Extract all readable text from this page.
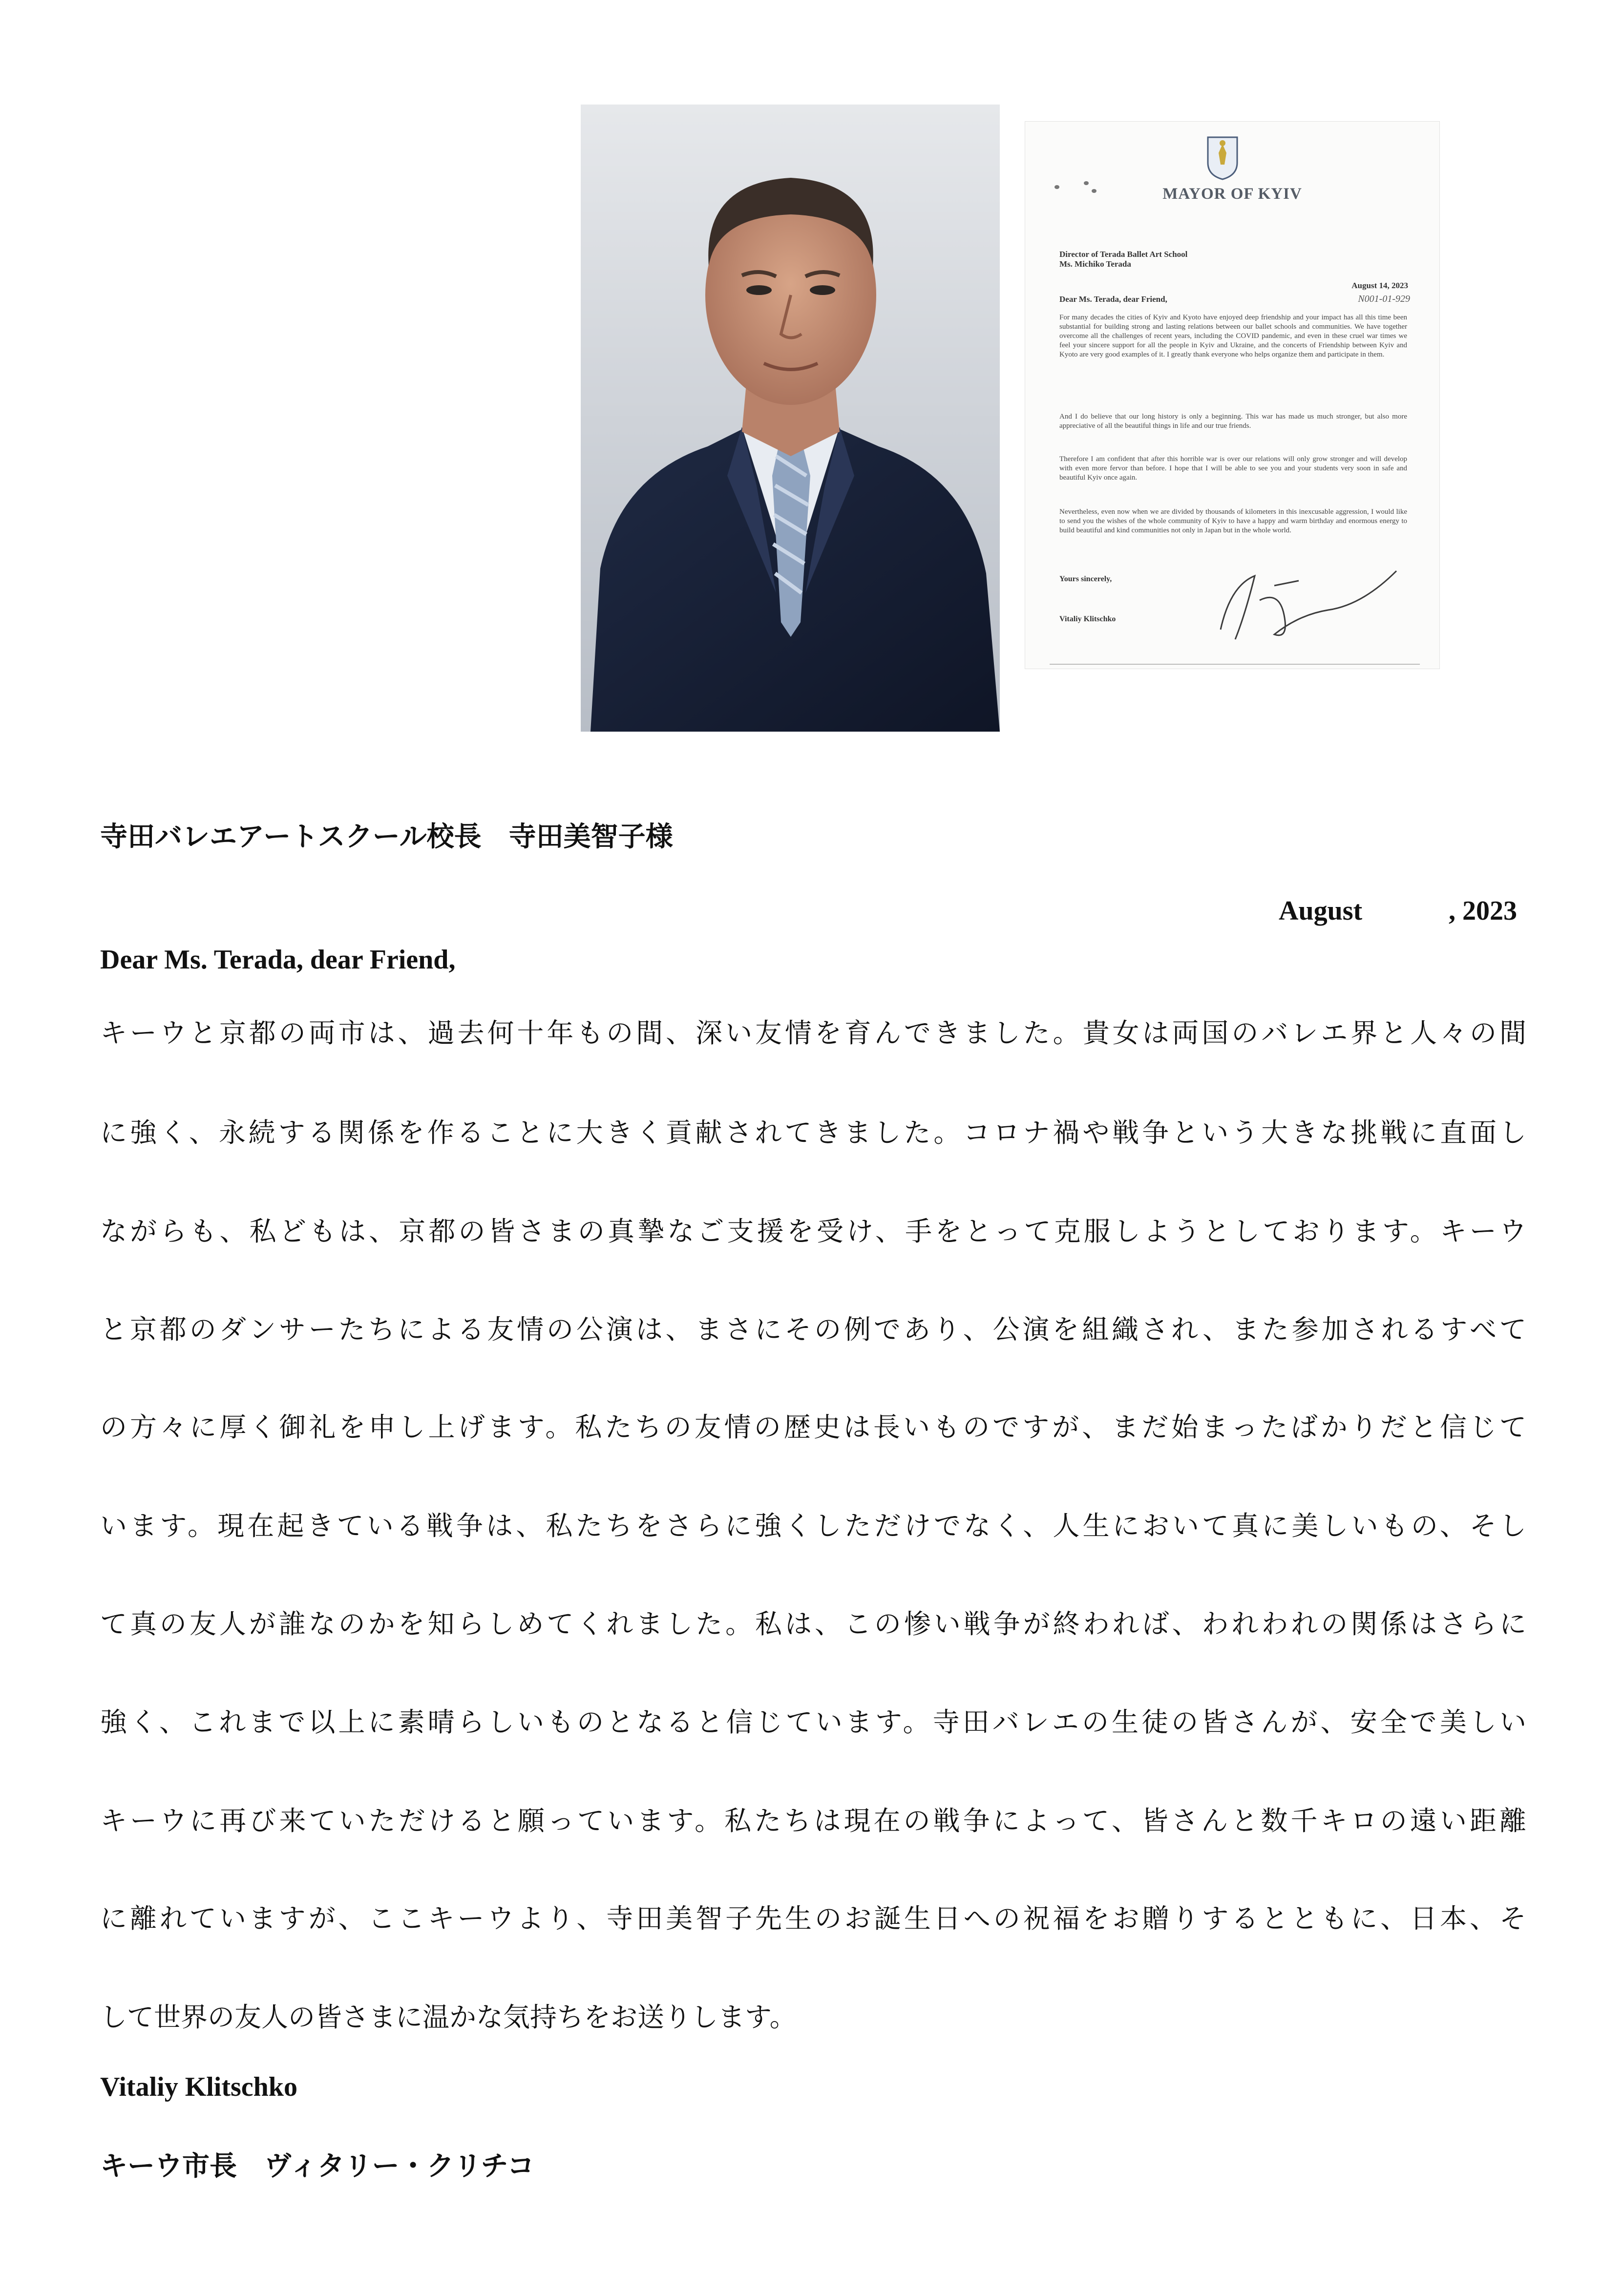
MAYOR OF KYIV
Director of Terada Ballet Art School
Ms. Michiko Terada
August 14, 2023
N001-01-929
Dear Ms. Terada, dear Friend,
For many decades the cities of Kyiv and Kyoto have enjoyed deep friendship and your impact has all this time been substantial for building strong and lasting relations between our ballet schools and communities. We have together overcome all the challenges of recent years, including the COVID pandemic, and even in these cruel war times we feel your sincere support for all the people in Kyiv and Ukraine, and the concerts of Friendship between Kyiv and Kyoto are very good examples of it. I greatly thank everyone who helps organize them and participate in them.
And I do believe that our long history is only a beginning. This war has made us much stronger, but also more appreciative of all the beautiful things in life and our true friends.
Therefore I am confident that after this horrible war is over our relations will only grow stronger and will develop with even more fervor than before. I hope that I will be able to see you and your students very soon in safe and beautiful Kyiv once again.
Nevertheless, even now when we are divided by thousands of kilometers in this inexcusable aggression, I would like to send you the wishes of the whole community of Kyiv to have a happy and warm birthday and enormous energy to build beautiful and kind communities not only in Japan but in the whole world.
Yours sincerely,
Vitaliy Klitschko
寺田バレエアートスクール校長　寺田美智子様
August	, 2023
Dear Ms. Terada, dear Friend,
キーウと京都の両市は、過去何十年もの間、深い友情を育んできました。貴女は両国のバレエ界と人々の間
に強く、永続する関係を作ることに大きく貢献されてきました。コロナ禍や戦争という大きな挑戦に直面し
ながらも、私どもは、京都の皆さまの真摯なご支援を受け、手をとって克服しようとしております。キーウ
と京都のダンサーたちによる友情の公演は、まさにその例であり、公演を組織され、また参加されるすべて
の方々に厚く御礼を申し上げます。私たちの友情の歴史は長いものですが、まだ始まったばかりだと信じて
います。現在起きている戦争は、私たちをさらに強くしただけでなく、人生において真に美しいもの、そし
て真の友人が誰なのかを知らしめてくれました。私は、この惨い戦争が終われば、われわれの関係はさらに
強く、これまで以上に素晴らしいものとなると信じています。寺田バレエの生徒の皆さんが、安全で美しい
キーウに再び来ていただけると願っています。私たちは現在の戦争によって、皆さんと数千キロの遠い距離
に離れていますが、ここキーウより、寺田美智子先生のお誕生日への祝福をお贈りするとともに、日本、そ
して世界の友人の皆さまに温かな気持ちをお送りします。
Vitaliy Klitschko
キーウ市長　ヴィタリー・クリチコ
